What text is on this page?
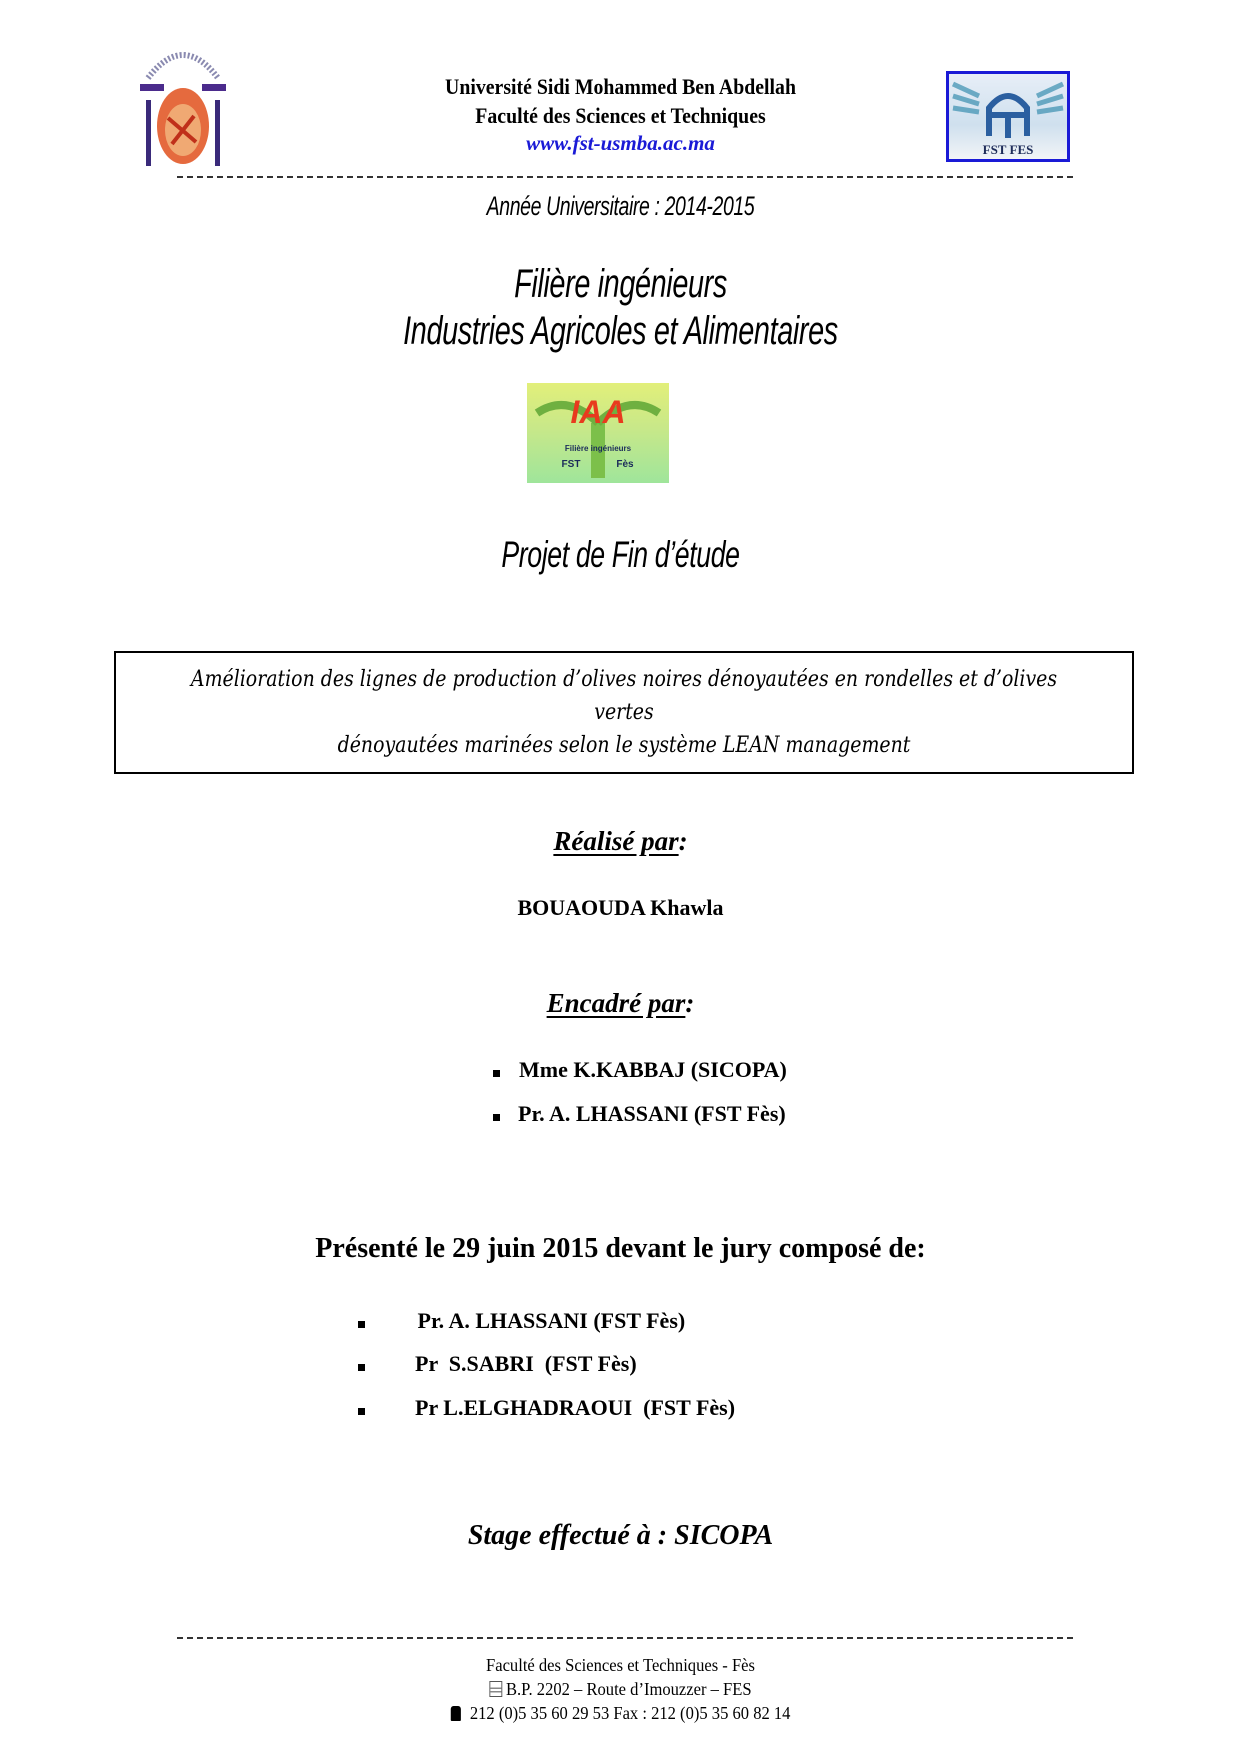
Université Sidi Mohammed Ben Abdellah
Faculté des Sciences et Techniques
www.fst-usmba.ac.ma	FST FES
Année Universitaire : 2014-2015
Filière ingénieurs
Industries Agricoles et Alimentaires
IAA
Filière ingénieurs
FST	Fès
Projet de Fin d’étude
Amélioration des lignes de production d’olives noires dénoyautées en rondelles et d’olives vertes
dénoyautées marinées selon le système LEAN management
Réalisé par:
BOUAOUDA Khawla
Encadré par:
Mme K.KABBAJ (SICOPA)
Pr. A. LHASSANI (FST Fès)
Présenté le 29 juin 2015 devant le jury composé de:
Pr. A. LHASSANI (FST Fès)
Pr  S.SABRI  (FST Fès)
Pr L.ELGHADRAOUI  (FST Fès)
Stage effectué à : SICOPA
Faculté des Sciences et Techniques - Fès
B.P. 2202 – Route d’Imouzzer – FES
212 (0)5 35 60 29 53 Fax : 212 (0)5 35 60 82 14
